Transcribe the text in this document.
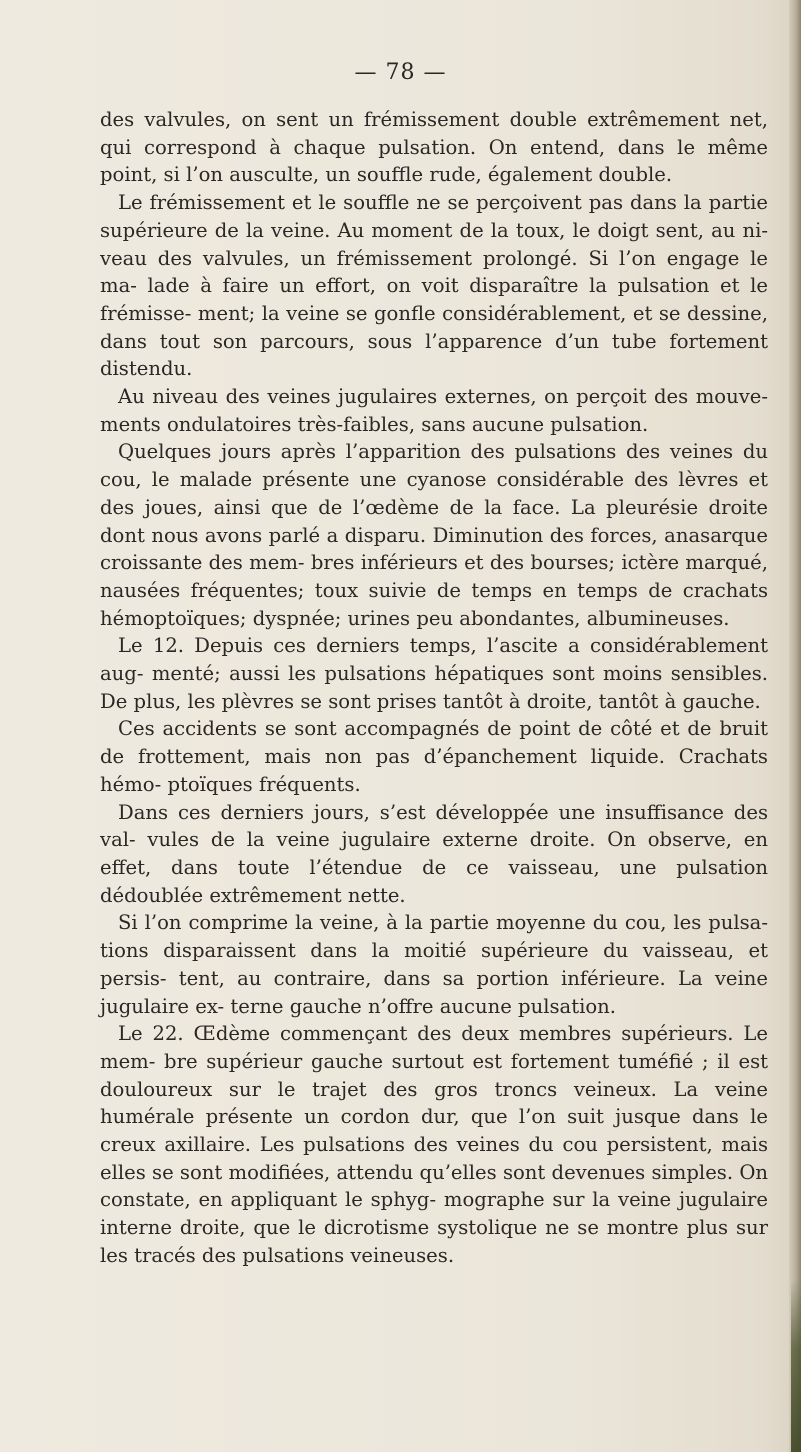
— 78 —

des valvules, on sent un frémissement double extrêmement net, qui correspond à chaque pulsation. On entend, dans le même point, si l’on ausculte, un souffle rude, également double.

Le frémissement et le souffle ne se perçoivent pas dans la partie supérieure de la veine. Au moment de la toux, le doigt sent, au ni- veau des valvules, un frémissement prolongé. Si l’on engage le ma- lade à faire un effort, on voit disparaître la pulsation et le frémisse- ment; la veine se gonfle considérablement, et se dessine, dans tout son parcours, sous l’apparence d’un tube fortement distendu.

Au niveau des veines jugulaires externes, on perçoit des mouve- ments ondulatoires très-faibles, sans aucune pulsation.

Quelques jours après l’apparition des pulsations des veines du cou, le malade présente une cyanose considérable des lèvres et des joues, ainsi que de l’œdème de la face. La pleurésie droite dont nous avons parlé a disparu. Diminution des forces, anasarque croissante des mem- bres inférieurs et des bourses; ictère marqué, nausées fréquentes; toux suivie de temps en temps de crachats hémoptoïques; dyspnée; urines peu abondantes, albumineuses.

Le 12. Depuis ces derniers temps, l’ascite a considérablement aug- menté; aussi les pulsations hépatiques sont moins sensibles. De plus, les plèvres se sont prises tantôt à droite, tantôt à gauche.

Ces accidents se sont accompagnés de point de côté et de bruit de frottement, mais non pas d’épanchement liquide. Crachats hémo- ptoïques fréquents.

Dans ces derniers jours, s’est développée une insuffisance des val- vules de la veine jugulaire externe droite. On observe, en effet, dans toute l’étendue de ce vaisseau, une pulsation dédoublée extrêmement nette.

Si l’on comprime la veine, à la partie moyenne du cou, les pulsa- tions disparaissent dans la moitié supérieure du vaisseau, et persis- tent, au contraire, dans sa portion inférieure. La veine jugulaire ex- terne gauche n’offre aucune pulsation.

Le 22. Œdème commençant des deux membres supérieurs. Le mem- bre supérieur gauche surtout est fortement tuméfié ; il est douloureux sur le trajet des gros troncs veineux. La veine humérale présente un cordon dur, que l’on suit jusque dans le creux axillaire. Les pulsations des veines du cou persistent, mais elles se sont modifiées, attendu qu’elles sont devenues simples. On constate, en appliquant le sphyg- mographe sur la veine jugulaire interne droite, que le dicrotisme systolique ne se montre plus sur les tracés des pulsations veineuses.
